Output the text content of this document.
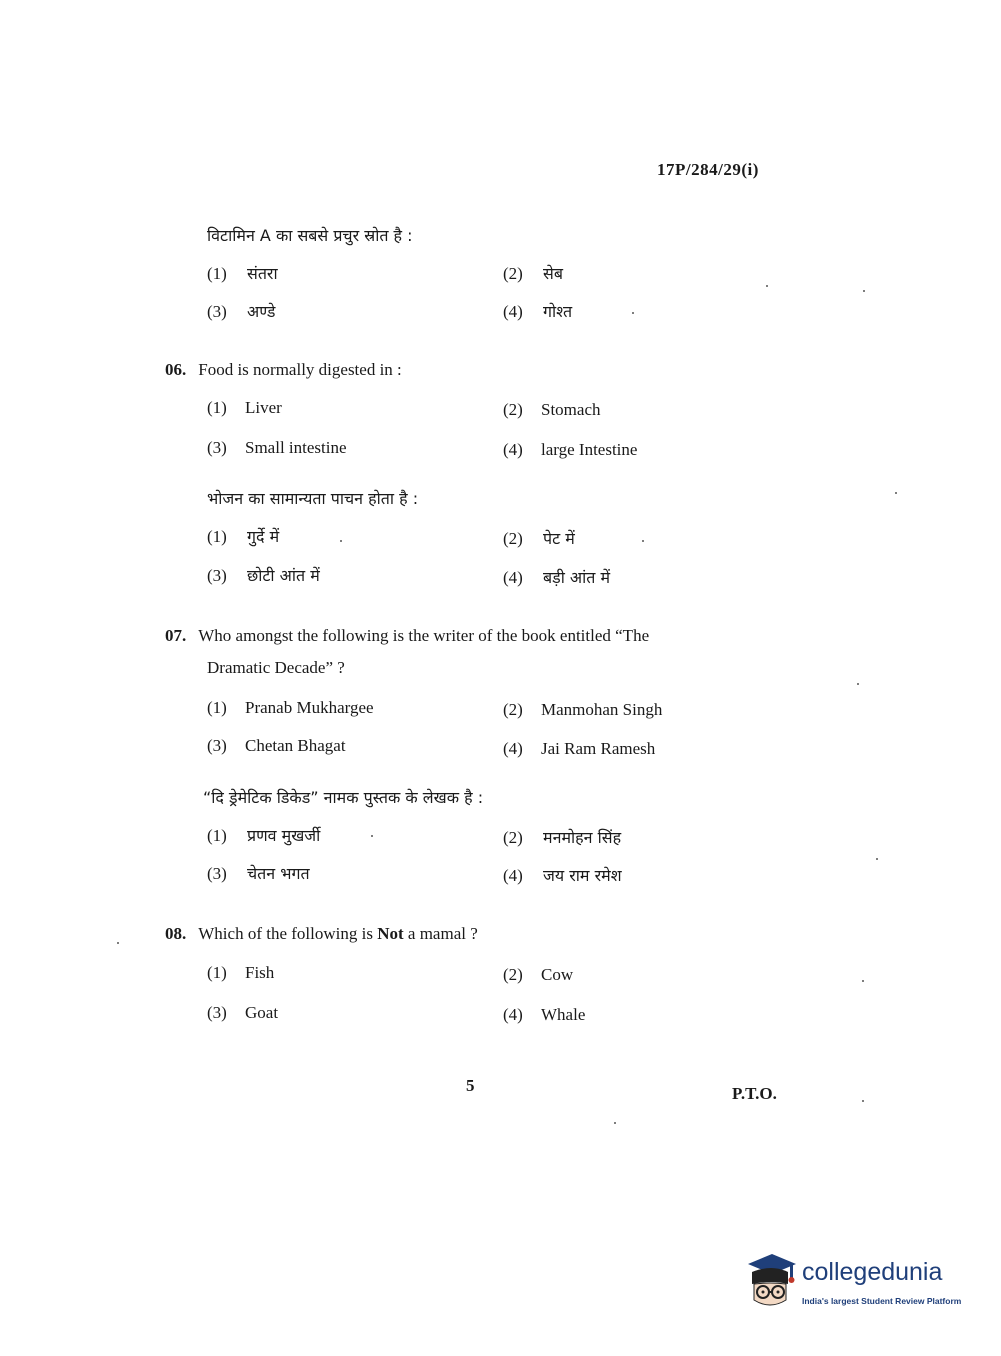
17P/284/29(i)
विटामिन A का सबसे प्रचुर स्रोत है :
(1) संतरा	(2) सेब
(3) अण्डे	(4) गोश्त
06. Food is normally digested in :
(1) Liver	(2) Stomach
(3) Small intestine	(4) large Intestine
भोजन का सामान्यता पाचन होता है :
(1) गुर्दे में	(2) पेट में
(3) छोटी आंत में	(4) बड़ी आंत में
07. Who amongst the following is the writer of the book entitled “The
Dramatic Decade” ?
(1) Pranab Mukhargee	(2) Manmohan Singh
(3) Chetan Bhagat	(4) Jai Ram Ramesh
“दि ड्रेमेटिक डिकेड” नामक पुस्तक के लेखक है :
(1) प्रणव मुखर्जी	(2) मनमोहन सिंह
(3) चेतन भगत	(4) जय राम रमेश
08. Which of the following is Not a mamal ?
(1) Fish	(2) Cow
(3) Goat	(4) Whale
5	P.T.O.
collegedunia
India's largest Student Review Platform
